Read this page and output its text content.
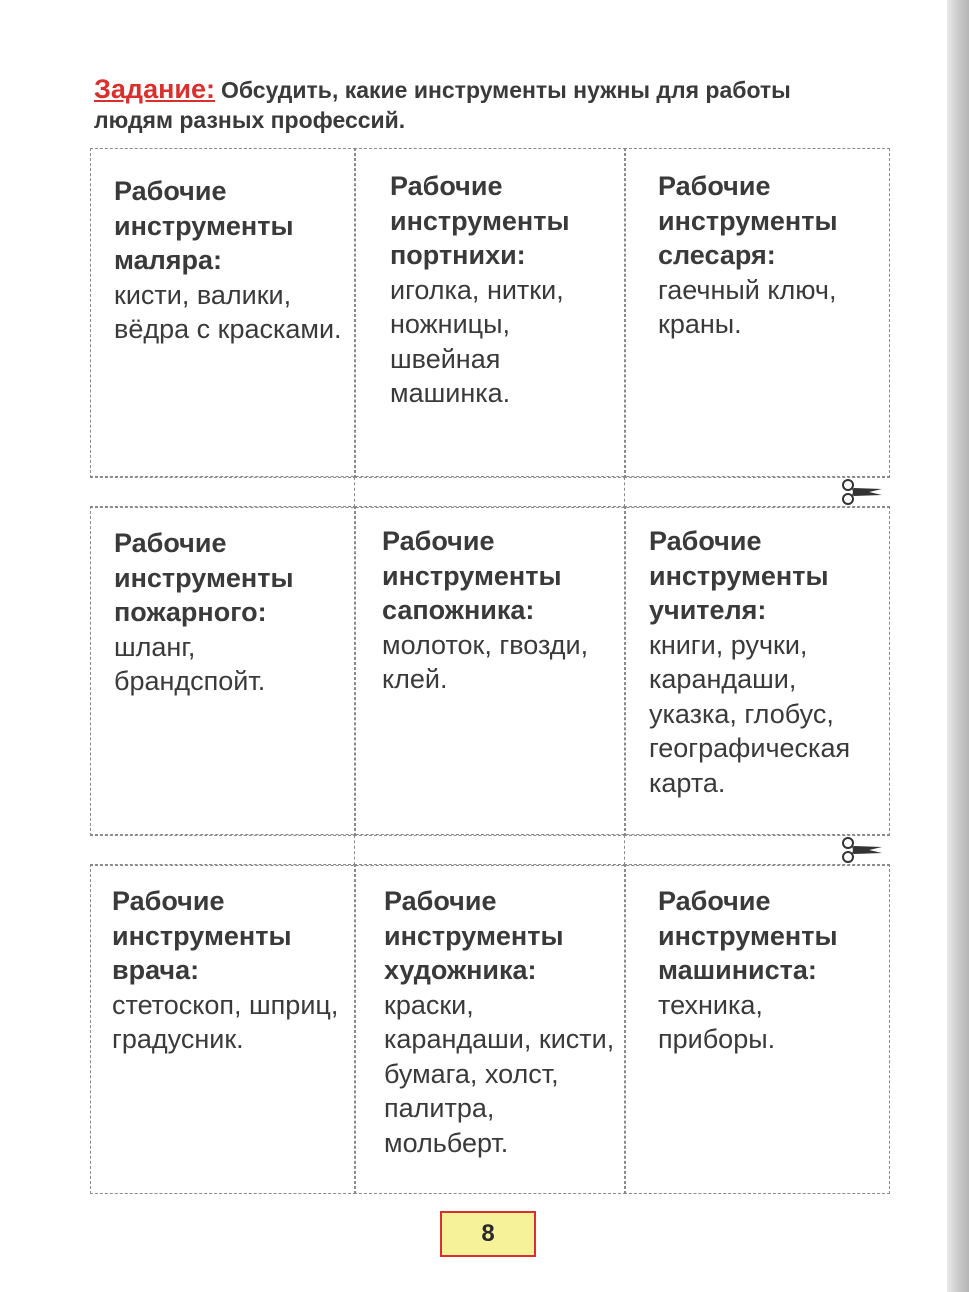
Задание: Обсудить, какие инструменты нужны для работы людям разных профессий.
Рабочие инструменты маляра:
кисти, валики, вёдра с красками.
Рабочие инструменты портнихи:
иголка, нитки, ножницы, швейная машинка.
Рабочие инструменты слесаря:
гаечный ключ, краны.
Рабочие инструменты пожарного:
шланг, брандспойт.
Рабочие инструменты сапожника:
молоток, гвозди, клей.
Рабочие инструменты учителя:
книги, ручки, карандаши, указка, глобус, географическая карта.
Рабочие инструменты врача:
стетоскоп, шприц, градусник.
Рабочие инструменты художника:
краски, карандаши, кисти, бумага, холст, палитра, мольберт.
Рабочие инструменты машиниста:
техника, приборы.
8
